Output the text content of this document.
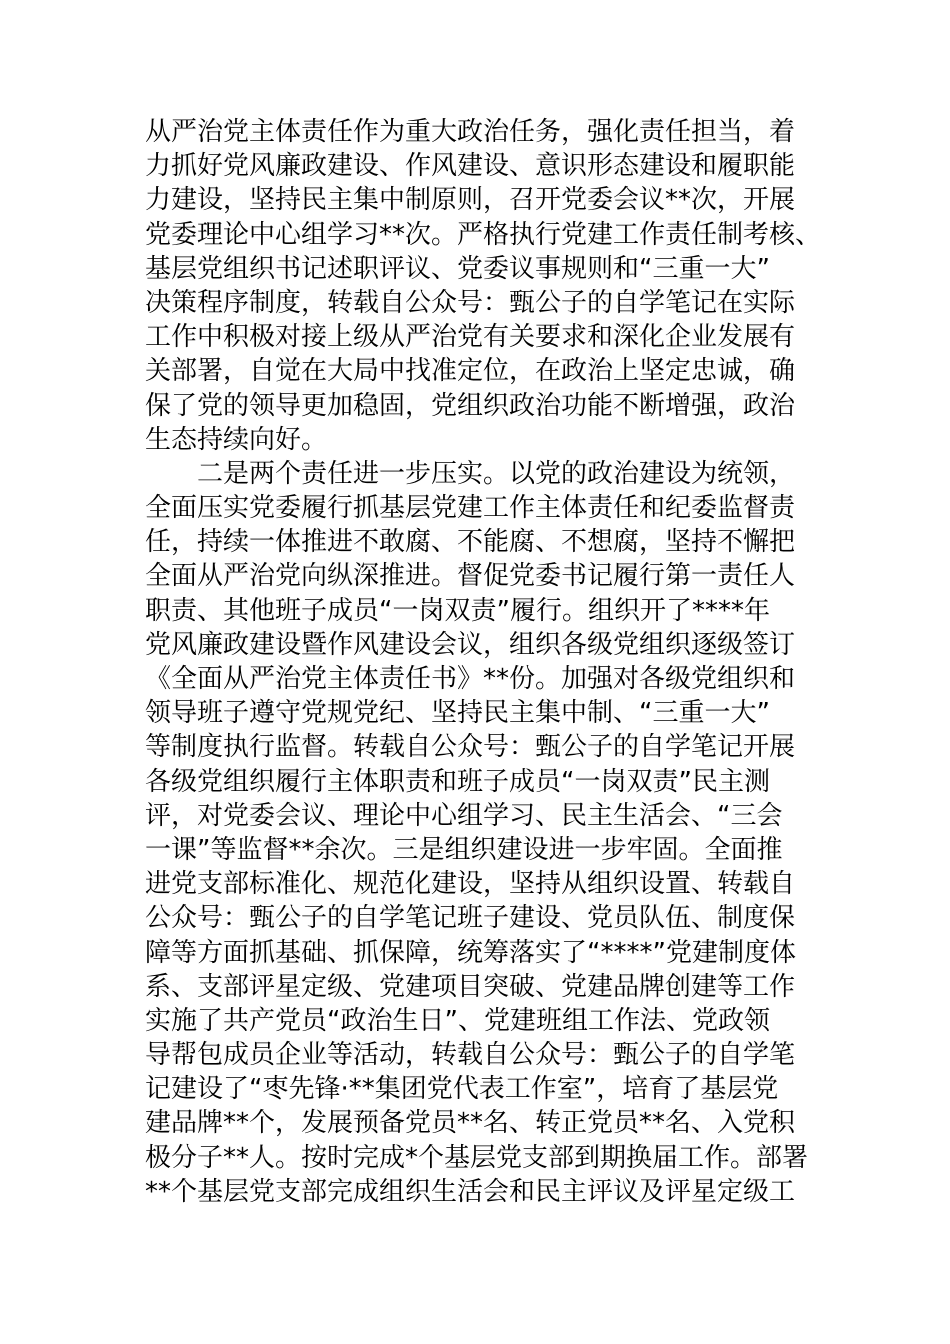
从严治党主体责任作为重大政治任务，强化责任担当，着
力抓好党风廉政建设、作风建设、意识形态建设和履职能
力建设，坚持民主集中制原则，召开党委会议**次，开展
党委理论中心组学习**次。严格执行党建工作责任制考核、
基层党组织书记述职评议、党委议事规则和“三重一大”
决策程序制度，转载自公众号：甄公子的自学笔记在实际
工作中积极对接上级从严治党有关要求和深化企业发展有
关部署，自觉在大局中找准定位，在政治上坚定忠诚，确
保了党的领导更加稳固，党组织政治功能不断增强，政治
生态持续向好。
　　二是两个责任进一步压实。以党的政治建设为统领，
全面压实党委履行抓基层党建工作主体责任和纪委监督责
任，持续一体推进不敢腐、不能腐、不想腐，坚持不懈把
全面从严治党向纵深推进。督促党委书记履行第一责任人
职责、其他班子成员“一岗双责”履行。组织开了****年
党风廉政建设暨作风建设会议，组织各级党组织逐级签订
《全面从严治党主体责任书》**份。加强对各级党组织和
领导班子遵守党规党纪、坚持民主集中制、“三重一大”
等制度执行监督。转载自公众号：甄公子的自学笔记开展
各级党组织履行主体职责和班子成员“一岗双责”民主测
评，对党委会议、理论中心组学习、民主生活会、“三会
一课”等监督**余次。三是组织建设进一步牢固。全面推
进党支部标准化、规范化建设，坚持从组织设置、转载自
公众号：甄公子的自学笔记班子建设、党员队伍、制度保
障等方面抓基础、抓保障，统筹落实了“****”党建制度体
系、支部评星定级、党建项目突破、党建品牌创建等工作
实施了共产党员“政治生日”、党建班组工作法、党政领
导帮包成员企业等活动，转载自公众号：甄公子的自学笔
记建设了“枣先锋·**集团党代表工作室”，培育了基层党
建品牌**个，发展预备党员**名、转正党员**名、入党积
极分子**人。按时完成*个基层党支部到期换届工作。部署
**个基层党支部完成组织生活会和民主评议及评星定级工
